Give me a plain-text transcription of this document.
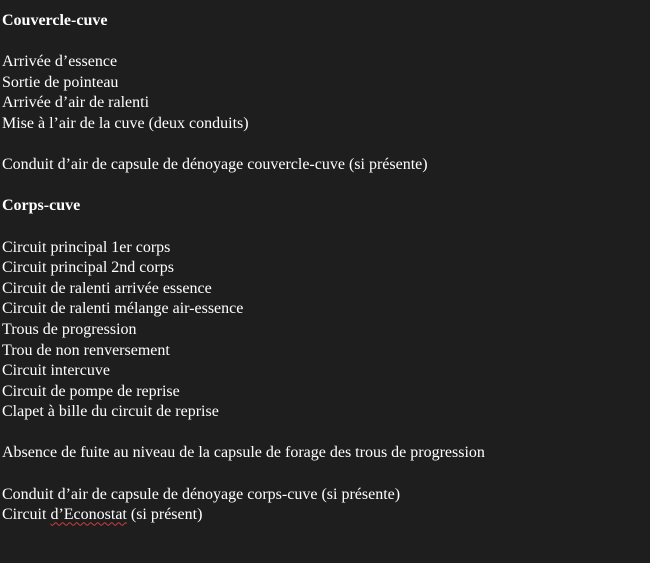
Couvercle-cuve

Arrivée d’essence

Sortie de pointeau

Arrivée d’air de ralenti

Mise à l’air de la cuve (deux conduits)

Conduit d’air de capsule de dénoyage couvercle-cuve (si présente)

Corps-cuve

Circuit principal 1er corps

Circuit principal 2nd corps

Circuit de ralenti arrivée essence

Circuit de ralenti mélange air-essence

Trous de progression

Trou de non renversement

Circuit intercuve

Circuit de pompe de reprise

Clapet à bille du circuit de reprise

Absence de fuite au niveau de la capsule de forage des trous de progression

Conduit d’air de capsule de dénoyage corps-cuve (si présente)

Circuit d’Econostat (si présent)
